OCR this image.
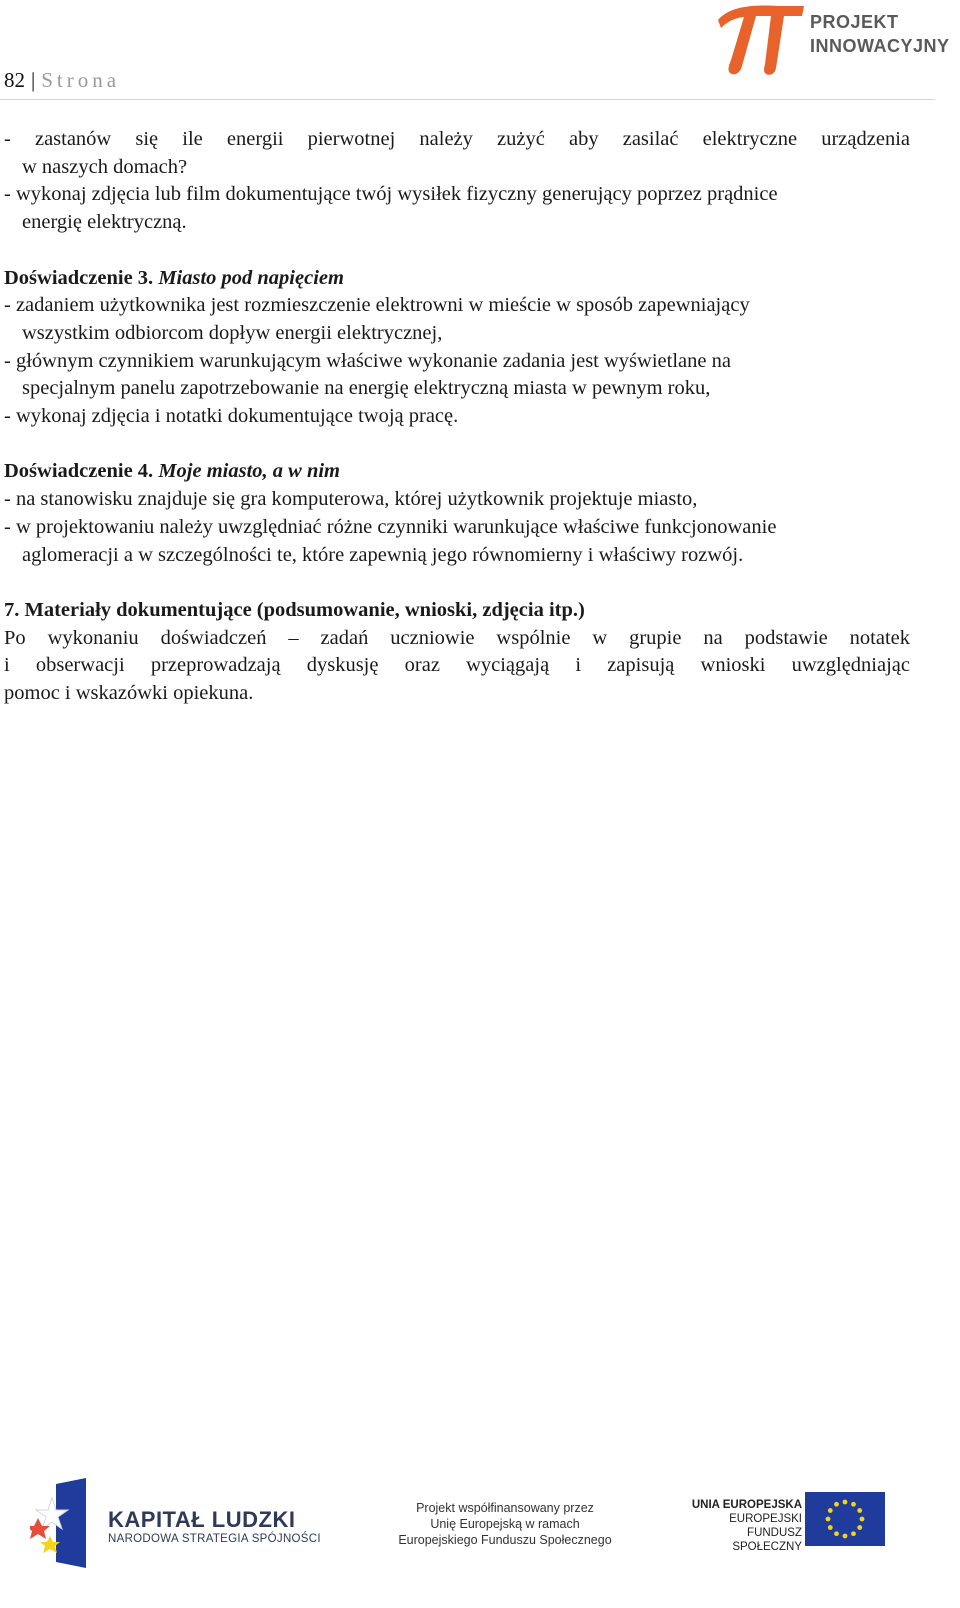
82 | Strona
PROJEKT
INNOWACYJNY
- zastanów się ile energii pierwotnej należy zużyć aby zasilać elektryczne urządzenia
w naszych domach?
- wykonaj zdjęcia lub film dokumentujące twój wysiłek fizyczny generujący poprzez prądnice
energię elektryczną.
Doświadczenie 3. Miasto pod napięciem
- zadaniem użytkownika jest rozmieszczenie elektrowni w mieście w sposób zapewniający
wszystkim odbiorcom dopływ energii elektrycznej,
- głównym czynnikiem warunkującym właściwe wykonanie zadania jest wyświetlane na
specjalnym panelu zapotrzebowanie na energię elektryczną miasta w pewnym roku,
- wykonaj zdjęcia i notatki dokumentujące twoją pracę.
Doświadczenie 4. Moje miasto, a w nim
- na stanowisku znajduje się gra komputerowa, której użytkownik projektuje miasto,
- w projektowaniu należy uwzględniać różne czynniki warunkujące właściwe funkcjonowanie
aglomeracji a w szczególności te, które zapewnią jego równomierny i właściwy rozwój.
7. Materiały dokumentujące (podsumowanie, wnioski, zdjęcia itp.)
Po wykonaniu doświadczeń – zadań uczniowie wspólnie w grupie na podstawie notatek
i obserwacji przeprowadzają dyskusję oraz wyciągają i zapisują wnioski uwzględniając
pomoc i wskazówki opiekuna.
KAPITAŁ LUDZKI
NARODOWA STRATEGIA SPÓJNOŚCI
Projekt współfinansowany przez
Unię Europejską w ramach
Europejskiego Funduszu Społecznego
UNIA EUROPEJSKA
EUROPEJSKI
FUNDUSZ SPOŁECZNY
